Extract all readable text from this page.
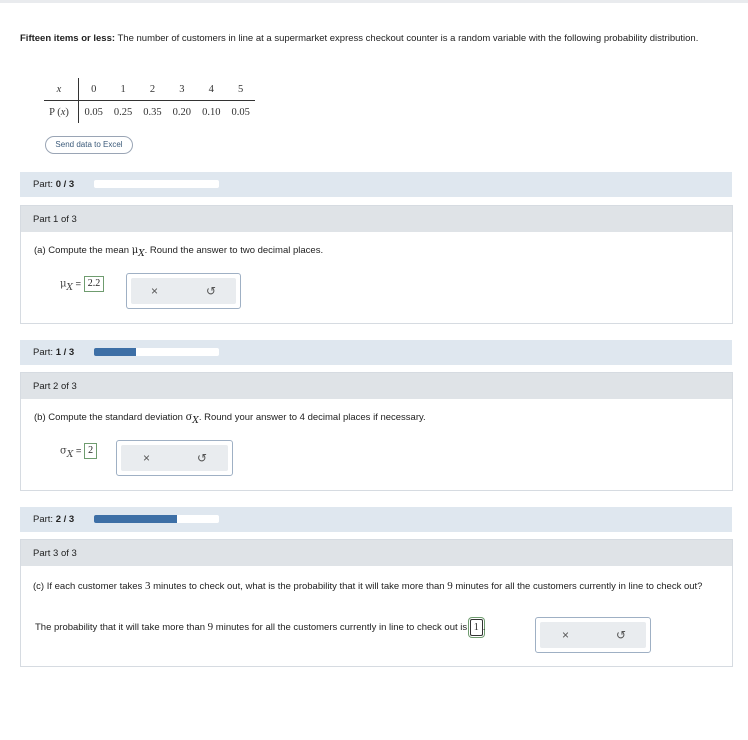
Fifteen items or less: The number of customers in line at a supermarket express checkout counter is a random variable with the following probability distribution.
x	0	1	2	3	4	5
P (x)	0.05	0.25	0.35	0.20	0.10	0.05
Send data to Excel
Part: 0 / 3
Part 1 of 3
(a) Compute the mean μX. Round the answer to two decimal places.
μX = 2.2
×	↺
Part: 1 / 3
Part 2 of 3
(b) Compute the standard deviation σX. Round your answer to 4 decimal places if necessary.
σX = 2
×	↺
Part: 2 / 3
Part 3 of 3
(c) If each customer takes 3 minutes to check out, what is the probability that it will take more than 9 minutes for all the customers currently in line to check out?
The probability that it will take more than 9 minutes for all the customers currently in line to check out is 1 .
×	↺
